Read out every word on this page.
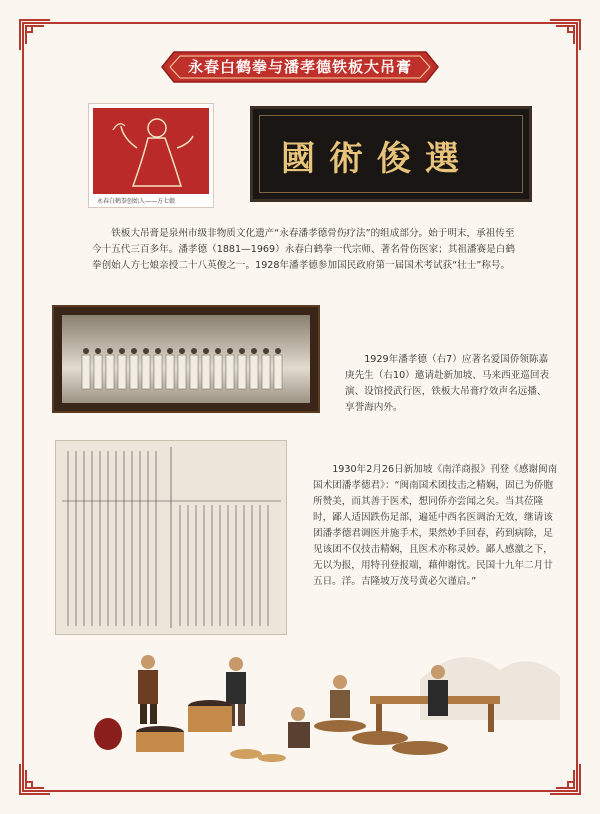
永春白鹤拳与潘孝德铁板大吊膏
永春白鹤拳创始人——方七娘
國術俊選

铁板大吊膏是泉州市级非物质文化遗产“永春潘孝德骨伤疗法”的组成部分。始于明末，承祖传至今十五代三百多年。潘孝德（1881—1969）永春白鹤拳一代宗师、著名骨伤医家；其祖潘赛是白鹤拳创始人方七娘亲授二十八英俊之一。1928年潘孝德参加国民政府第一届国术考试获“壮士”称号。

1929年潘孝德（右7）应著名爱国侨领陈嘉庚先生（右10）邀请赴新加坡、马来西亚巡回表演、设馆授武行医，铁板大吊膏疗效声名远播、享誉海内外。

1930年2月26日新加坡《南洋商报》刊登《感谢闽南国术团潘孝德君》：“闽南国术团技击之精娴，固已为侨胞所赞美，而其善于医术，想同侨亦尝闻之矣。当其莅隆时，鄙人适因跌伤足部，遍延中西名医调治无效，继请该团潘孝德君调医并施手术，果然妙手回春，药到病除，足见该团不仅技击精娴，且医术亦称灵妙。鄙人感激之下，无以为报，用特刊登报端，藉伸谢忱。民国十九年二月廿五日。洋。吉隆坡万茂号黄必欠谨启。”
